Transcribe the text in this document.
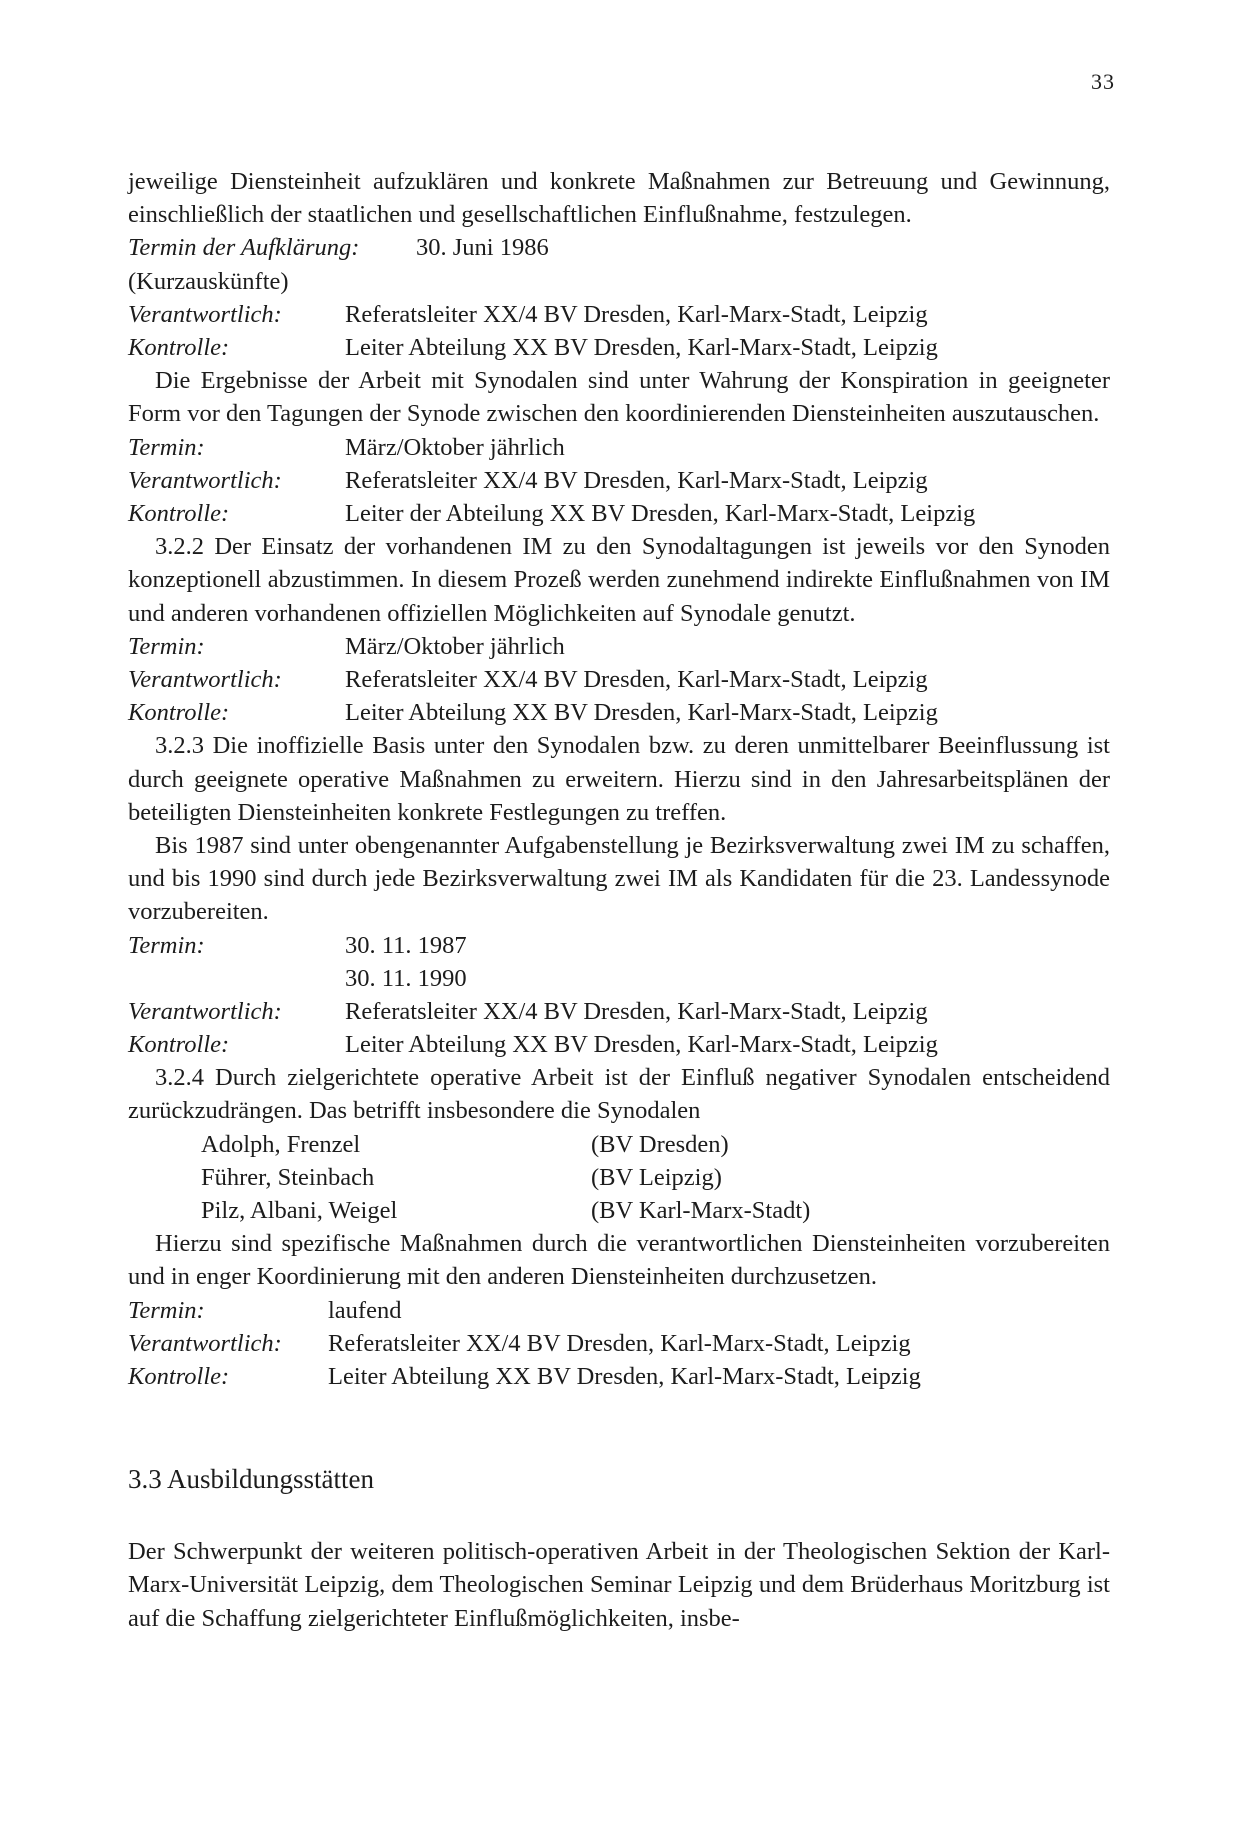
33

jeweilige Diensteinheit aufzuklären und konkrete Maßnahmen zur Betreuung und Gewinnung, einschließlich der staatlichen und gesellschaftlichen Einflußnahme, festzulegen.

Termin der Aufklärung: 30. Juni 1986
(Kurzauskünfte)
Verantwortlich:	Referatsleiter XX/4 BV Dresden, Karl-Marx-Stadt, Leipzig
Kontrolle:	Leiter Abteilung XX BV Dresden, Karl-Marx-Stadt, Leipzig

Die Ergebnisse der Arbeit mit Synodalen sind unter Wahrung der Konspiration in geeigneter Form vor den Tagungen der Synode zwischen den koordinierenden Diensteinheiten auszutauschen.

Termin:	März/Oktober jährlich
Verantwortlich:	Referatsleiter XX/4 BV Dresden, Karl-Marx-Stadt, Leipzig
Kontrolle:	Leiter der Abteilung XX BV Dresden, Karl-Marx-Stadt, Leipzig

3.2.2 Der Einsatz der vorhandenen IM zu den Synodaltagungen ist jeweils vor den Synoden konzeptionell abzustimmen. In diesem Prozeß werden zunehmend indirekte Einflußnahmen von IM und anderen vorhandenen offiziellen Möglichkeiten auf Synodale genutzt.

Termin:	März/Oktober jährlich
Verantwortlich:	Referatsleiter XX/4 BV Dresden, Karl-Marx-Stadt, Leipzig
Kontrolle:	Leiter Abteilung XX BV Dresden, Karl-Marx-Stadt, Leipzig

3.2.3 Die inoffizielle Basis unter den Synodalen bzw. zu deren unmittelbarer Beeinflussung ist durch geeignete operative Maßnahmen zu erweitern. Hierzu sind in den Jahresarbeitsplänen der beteiligten Diensteinheiten konkrete Festlegungen zu treffen.

Bis 1987 sind unter obengenannter Aufgabenstellung je Bezirksverwaltung zwei IM zu schaffen, und bis 1990 sind durch jede Bezirksverwaltung zwei IM als Kandidaten für die 23. Landessynode vorzubereiten.

Termin:	30. 11. 1987
30. 11. 1990
Verantwortlich:	Referatsleiter XX/4 BV Dresden, Karl-Marx-Stadt, Leipzig
Kontrolle:	Leiter Abteilung XX BV Dresden, Karl-Marx-Stadt, Leipzig

3.2.4 Durch zielgerichtete operative Arbeit ist der Einfluß negativer Synodalen entscheidend zurückzudrängen. Das betrifft insbesondere die Synodalen

Adolph, Frenzel	(BV Dresden)
Führer, Steinbach	(BV Leipzig)
Pilz, Albani, Weigel	(BV Karl-Marx-Stadt)

Hierzu sind spezifische Maßnahmen durch die verantwortlichen Diensteinheiten vorzubereiten und in enger Koordinierung mit den anderen Diensteinheiten durchzusetzen.

Termin:	laufend
Verantwortlich: Referatsleiter XX/4 BV Dresden, Karl-Marx-Stadt, Leipzig
Kontrolle:	Leiter Abteilung XX BV Dresden, Karl-Marx-Stadt, Leipzig
3.3 Ausbildungsstätten

Der Schwerpunkt der weiteren politisch-operativen Arbeit in der Theologischen Sektion der Karl-Marx-Universität Leipzig, dem Theologischen Seminar Leipzig und dem Brüderhaus Moritzburg ist auf die Schaffung zielgerichteter Einflußmöglichkeiten, insbe-
